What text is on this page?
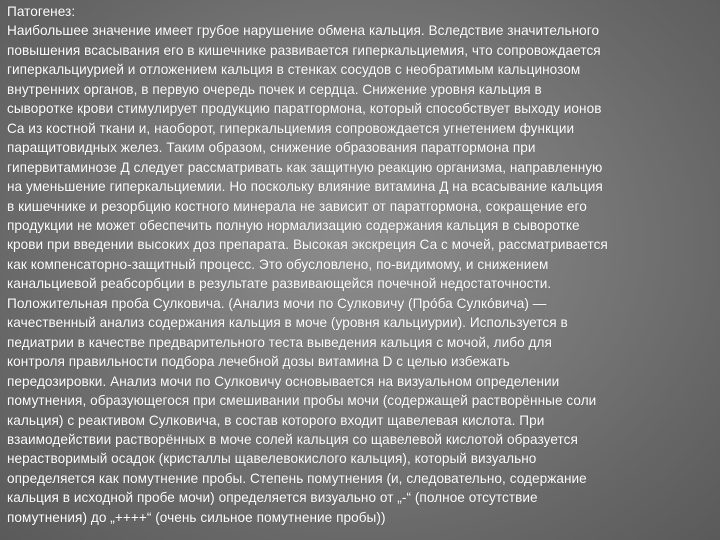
Патогенез:
Наибольшее значение имеет грубое нарушение обмена кальция. Вследствие значительного
повышения всасывания его в кишечнике развивается гиперкальциемия, что сопровождается
гиперкальциурией и отложением кальция в стенках сосудов с необратимым кальцинозом
внутренних органов, в первую очередь почек и сердца. Снижение уровня кальция в
сыворотке крови стимулирует продукцию паратгормона, который способствует выходу ионов
Ca из костной ткани и, наоборот, гиперкальциемия сопровождается угнетением функции
паращитовидных желез. Таким образом, снижение образования паратгормона при
гипервитаминозе Д следует рассматривать как защитную реакцию организма, направленную
на уменьшение гиперкальциемии. Но поскольку влияние витамина Д на всасывание кальция
в кишечнике и резорбцию костного минерала не зависит от паратгормона, сокращение его
продукции не может обеспечить полную нормализацию содержания кальция в сыворотке
крови при введении высоких доз препарата. Высокая экскреция Са с мочей, рассматривается
как компенсаторно-защитный процесс. Это обусловлено, по-видимому, и снижением
канальциевой реабсорбции в результате развивающейся почечной недостаточности.
Положительная проба Сулковича. (Анализ мочи по Сулковичу (Про́ба Сулко́вича) —
качественный анализ содержания кальция в моче (уровня кальциурии). Используется в
педиатрии в качестве предварительного теста выведения кальция с мочой, либо для
контроля правильности подбора лечебной дозы витамина D с целью избежать
передозировки. Анализ мочи по Сулковичу основывается на визуальном определении
помутнения, образующегося при смешивании пробы мочи (содержащей растворённые соли
кальция) с реактивом Сулковича, в состав которого входит щавелевая кислота. При
взаимодействии растворённых в моче солей кальция со щавелевой кислотой образуется
нерастворимый осадок (кристаллы щавелевокислого кальция), который визуально
определяется как помутнение пробы. Степень помутнения (и, следовательно, содержание
кальция в исходной пробе мочи) определяется визуально от „-“ (полное отсутствие
помутнения) до „++++“ (очень сильное помутнение пробы))
